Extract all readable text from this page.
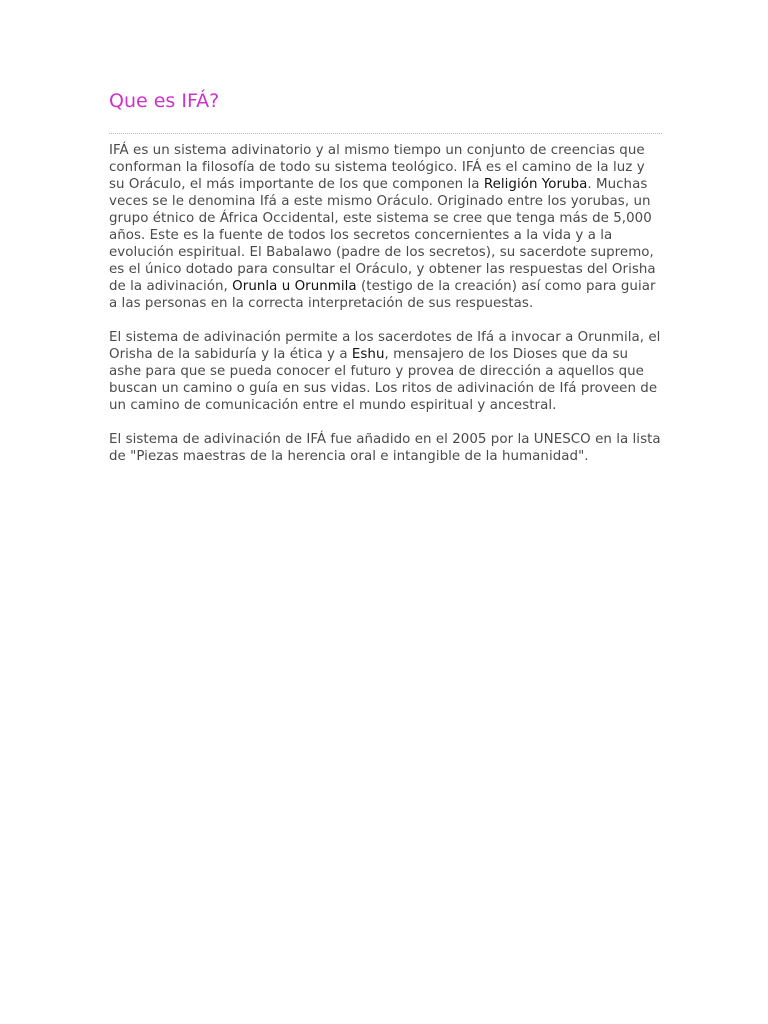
Que es IFÁ?

IFÁ es un sistema adivinatorio y al mismo tiempo un conjunto de creencias que conforman la filosofía de todo su sistema teológico. IFÁ es el camino de la luz y su Oráculo, el más importante de los que componen la Religión Yoruba. Muchas veces se le denomina Ifá a este mismo Oráculo. Originado entre los yorubas, un grupo étnico de África Occidental, este sistema se cree que tenga más de 5,000 años. Este es la fuente de todos los secretos concernientes a la vida y a la evolución espiritual. El Babalawo (padre de los secretos), su sacerdote supremo, es el único dotado para consultar el Oráculo, y obtener las respuestas del Orisha de la adivinación, Orunla u Orunmila (testigo de la creación) así como para guiar a las personas en la correcta interpretación de sus respuestas.

El sistema de adivinación permite a los sacerdotes de Ifá a invocar a Orunmila, el Orisha de la sabiduría y la ética y a Eshu, mensajero de los Dioses que da su ashe para que se pueda conocer el futuro y provea de dirección a aquellos que buscan un camino o guía en sus vidas. Los ritos de adivinación de Ifá proveen de un camino de comunicación entre el mundo espiritual y ancestral.

El sistema de adivinación de IFÁ fue añadido en el 2005 por la UNESCO en la lista de "Piezas maestras de la herencia oral e intangible de la humanidad".
